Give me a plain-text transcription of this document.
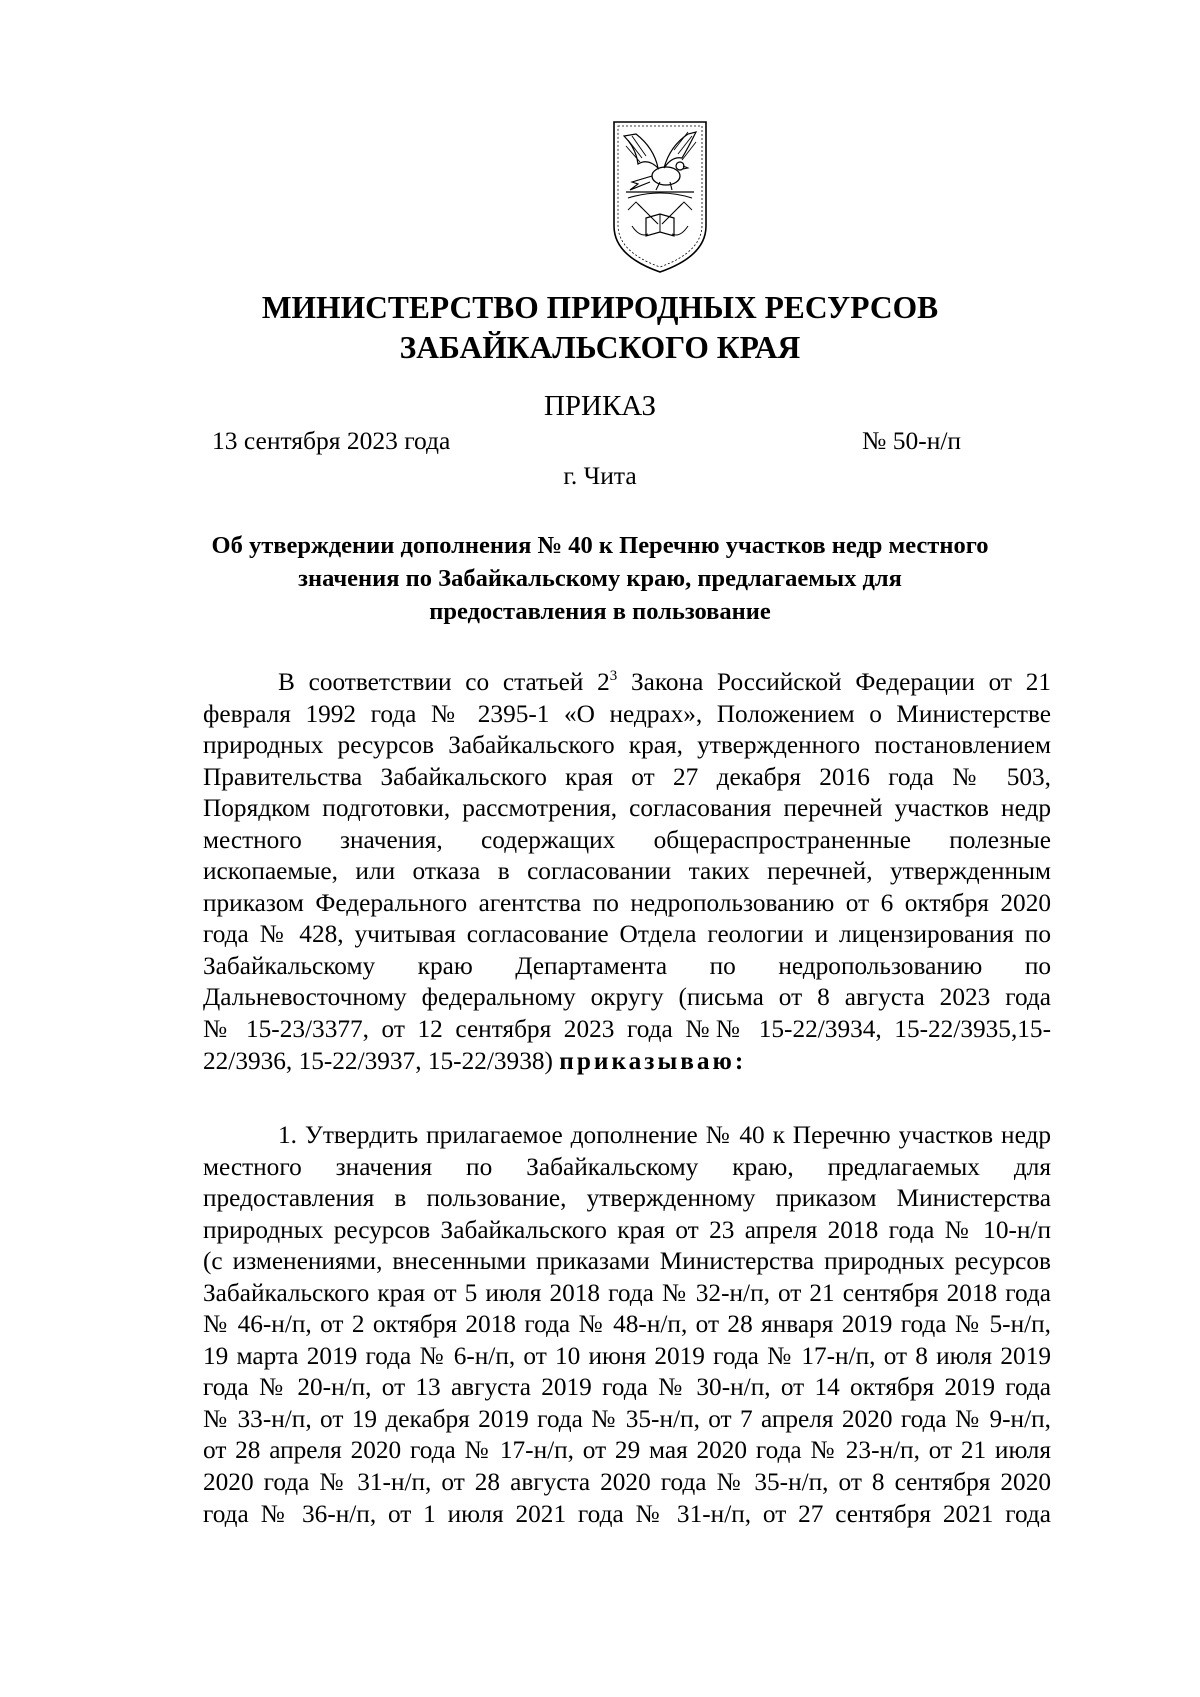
МИНИСТЕРСТВО ПРИРОДНЫХ РЕСУРСОВ
ЗАБАЙКАЛЬСКОГО КРАЯ
ПРИКАЗ
13 сентября 2023 года	№ 50-н/п
г. Чита
Об утверждении дополнения № 40 к Перечню участков недр местного
значения по Забайкальскому краю, предлагаемых для
предоставления в пользование
В соответствии со статьей $2^3$ Закона Российской Федерации от 21
февраля 1992 года № 2395-1 «О недрах», Положением о Министерстве
природных ресурсов Забайкальского края, утвержденного постановлением
Правительства Забайкальского края от 27 декабря 2016 года № 503,
Порядком подготовки, рассмотрения, согласования перечней участков недр
местного значения, содержащих общераспространенные полезные
ископаемые, или отказа в согласовании таких перечней, утвержденным
приказом Федерального агентства по недропользованию от 6 октября 2020
года № 428, учитывая согласование Отдела геологии и лицензирования по
Забайкальскому краю Департамента по недропользованию по
Дальневосточному федеральному округу (письма от 8 августа 2023 года
№ 15-23/3377, от 12 сентября 2023 года №№ 15-22/3934, 15-22/3935,15-
22/3936, 15-22/3937, 15-22/3938) приказываю:
1. Утвердить прилагаемое дополнение № 40 к Перечню участков недр
местного значения по Забайкальскому краю, предлагаемых для
предоставления в пользование, утвержденному приказом Министерства
природных ресурсов Забайкальского края от 23 апреля 2018 года № 10-н/п
(с изменениями, внесенными приказами Министерства природных ресурсов
Забайкальского края от 5 июля 2018 года № 32-н/п, от 21 сентября 2018 года
№ 46-н/п, от 2 октября 2018 года № 48-н/п, от 28 января 2019 года № 5-н/п,
19 марта 2019 года № 6-н/п, от 10 июня 2019 года № 17-н/п, от 8 июля 2019
года № 20-н/п, от 13 августа 2019 года № 30-н/п, от 14 октября 2019 года
№ 33-н/п, от 19 декабря 2019 года № 35-н/п, от 7 апреля 2020 года № 9-н/п,
от 28 апреля 2020 года № 17-н/п, от 29 мая 2020 года № 23-н/п, от 21 июля
2020 года № 31-н/п, от 28 августа 2020 года № 35-н/п, от 8 сентября 2020
года № 36-н/п, от 1 июля 2021 года № 31-н/п, от 27 сентября 2021 года
